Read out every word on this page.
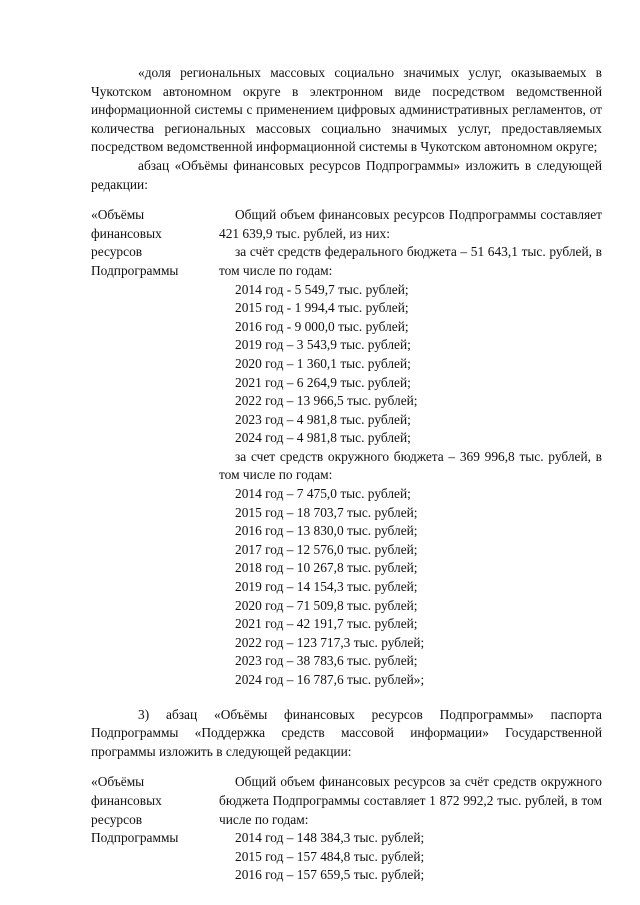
«доля региональных массовых социально значимых услуг, оказываемых в Чукотском автономном округе в электронном виде посредством ведомственной информационной системы с применением цифровых административных регламентов, от количества региональных массовых социально значимых услуг, предоставляемых посредством ведомственной информационной системы в Чукотском автономном округе;

абзац «Объёмы финансовых ресурсов Подпрограммы» изложить в следующей редакции:

«Объёмы
финансовых
ресурсов
Подпрограммы

Общий объем финансовых ресурсов Подпрограммы составляет 421 639,9 тыс. рублей, из них:

за счёт средств федерального бюджета – 51 643,1 тыс. рублей, в том числе по годам:

2014 год - 5 549,7 тыс. рублей;
2015 год - 1 994,4 тыс. рублей;
2016 год - 9 000,0 тыс. рублей;
2019 год – 3 543,9 тыс. рублей;
2020 год – 1 360,1 тыс. рублей;
2021 год – 6 264,9 тыс. рублей;
2022 год – 13 966,5 тыс. рублей;
2023 год – 4 981,8 тыс. рублей;
2024 год – 4 981,8 тыс. рублей;

за счет средств окружного бюджета – 369 996,8 тыс. рублей, в том числе по годам:

2014 год – 7 475,0 тыс. рублей;
2015 год – 18 703,7 тыс. рублей;
2016 год – 13 830,0 тыс. рублей;
2017 год – 12 576,0 тыс. рублей;
2018 год – 10 267,8 тыс. рублей;
2019 год – 14 154,3 тыс. рублей;
2020 год – 71 509,8 тыс. рублей;
2021 год – 42 191,7 тыс. рублей;
2022 год – 123 717,3 тыс. рублей;
2023 год – 38 783,6 тыс. рублей;
2024 год – 16 787,6 тыс. рублей»;

3) абзац «Объёмы финансовых ресурсов Подпрограммы» паспорта Подпрограммы «Поддержка средств массовой информации» Государственной программы изложить в следующей редакции:

«Объёмы
финансовых
ресурсов
Подпрограммы

Общий объем финансовых ресурсов за счёт средств окружного бюджета Подпрограммы составляет 1 872 992,2 тыс. рублей, в том числе по годам:

2014 год – 148 384,3 тыс. рублей;
2015 год – 157 484,8 тыс. рублей;
2016 год – 157 659,5 тыс. рублей;
